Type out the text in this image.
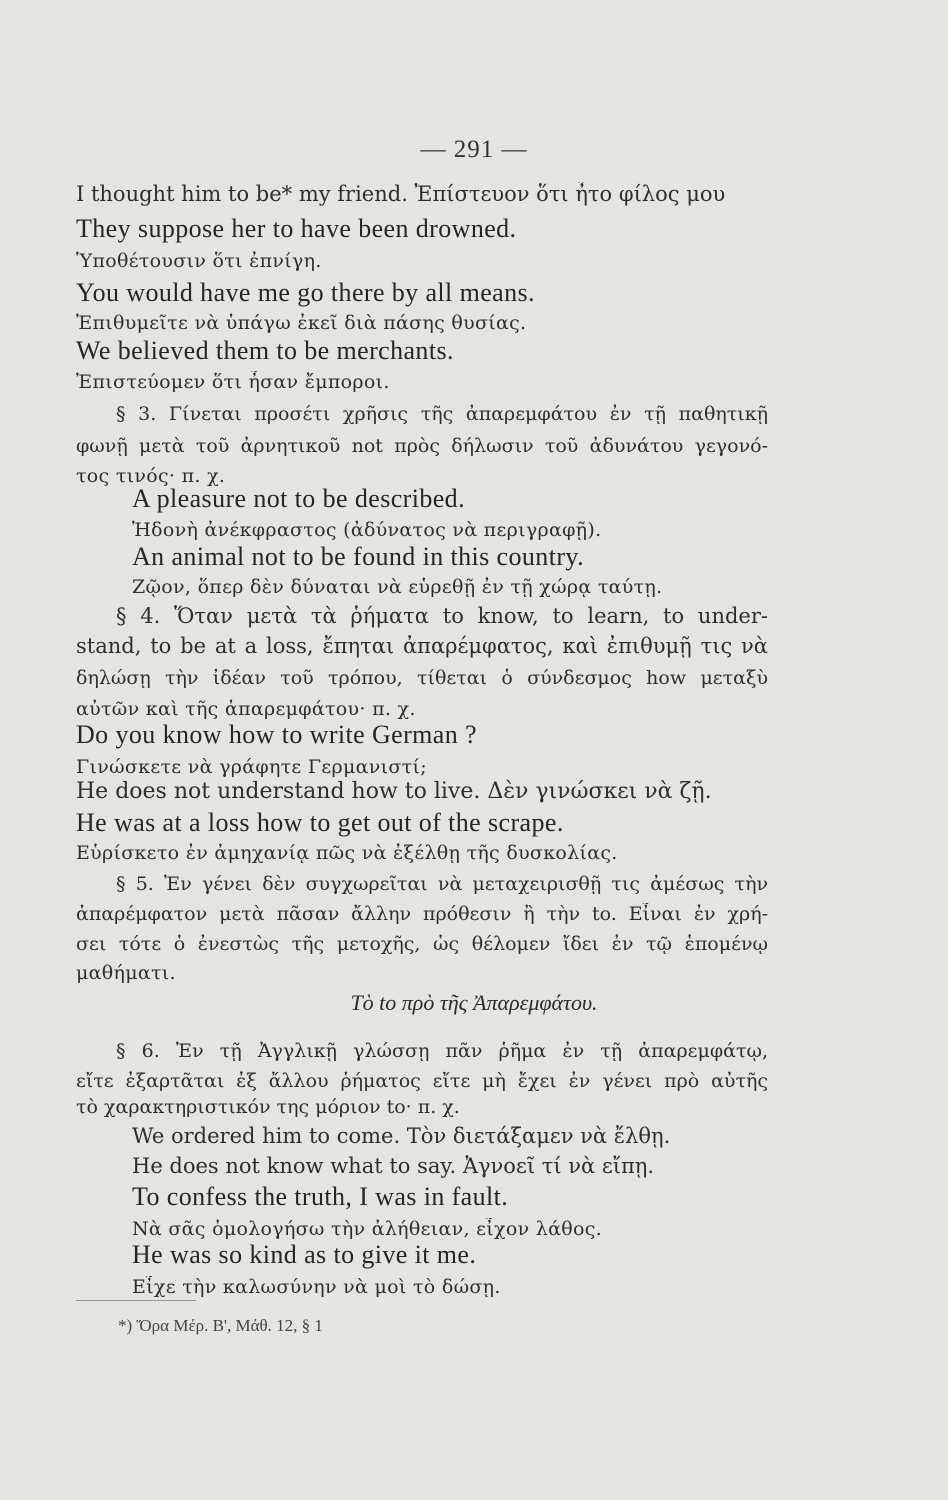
— 291 —
I thought him to be* my friend. Ἐπίστευον ὅτι ἦτο φίλος μου
They suppose her to have been drowned.
Ὑποθέτουσιν ὅτι ἐπνίγη.
You would have me go there by all means.
Ἐπιθυμεῖτε νὰ ὑπάγω ἐκεῖ διὰ πάσης θυσίας.
We believed them to be merchants.
Ἐπιστεύομεν ὅτι ἦσαν ἔμποροι.
§ 3. Γίνεται προσέτι χρῆσις τῆς ἀπαρεμφάτου ἐν τῇ παθητικῇ
φωνῇ μετὰ τοῦ ἀρνητικοῦ not πρὸς δήλωσιν τοῦ ἀδυνάτου γεγονό-
τος τινός· π. χ.
A pleasure not to be described.
Ἡδονὴ ἀνέκφραστος (ἀδύνατος νὰ περιγραφῇ).
An animal not to be found in this country.
Ζῷον, ὅπερ δὲν δύναται νὰ εὑρεθῇ ἐν τῇ χώρᾳ ταύτῃ.
§ 4. Ὅταν μετὰ τὰ ῥήματα to know, to learn, to under-
stand, to be at a loss, ἔπηται ἀπαρέμφατος, καὶ ἐπιθυμῇ τις νὰ
δηλώσῃ τὴν ἰδέαν τοῦ τρόπου, τίθεται ὁ σύνδεσμος how μεταξὺ
αὐτῶν καὶ τῆς ἀπαρεμφάτου· π. χ.
Do you know how to write German ?
Γινώσκετε νὰ γράφητε Γερμανιστί;
He does not understand how to live. Δὲν γινώσκει νὰ ζῇ.
He was at a loss how to get out of the scrape.
Εὑρίσκετο ἐν ἀμηχανίᾳ πῶς νὰ ἐξέλθῃ τῆς δυσκολίας.
§ 5. Ἐν γένει δὲν συγχωρεῖται νὰ μεταχειρισθῇ τις ἀμέσως τὴν
ἀπαρέμφατον μετὰ πᾶσαν ἄλλην πρόθεσιν ἢ τὴν to. Εἶναι ἐν χρή-
σει τότε ὁ ἐνεστὼς τῆς μετοχῆς, ὡς θέλομεν ἴδει ἐν τῷ ἑπομένῳ
μαθήματι.
Τὸ to πρὸ τῆς Ἀπαρεμφάτου.
§ 6. Ἐν τῇ Ἀγγλικῇ γλώσσῃ πᾶν ῥῆμα ἐν τῇ ἀπαρεμφάτῳ,
εἴτε ἐξαρτᾶται ἐξ ἄλλου ῥήματος εἴτε μὴ ἔχει ἐν γένει πρὸ αὐτῆς
τὸ χαρακτηριστικόν της μόριον to· π. χ.
We ordered him to come. Τὸν διετάξαμεν νὰ ἔλθῃ.
He does not know what to say. Ἀγνοεῖ τί νὰ εἴπῃ.
To confess the truth, I was in fault.
Νὰ σᾶς ὁμολογήσω τὴν ἀλήθειαν, εἶχον λάθος.
He was so kind as to give it me.
Εἶχε τὴν καλωσύνην νὰ μοὶ τὸ δώσῃ.
*) Ὅρα Μέρ. Β', Μάθ. 12, § 1
